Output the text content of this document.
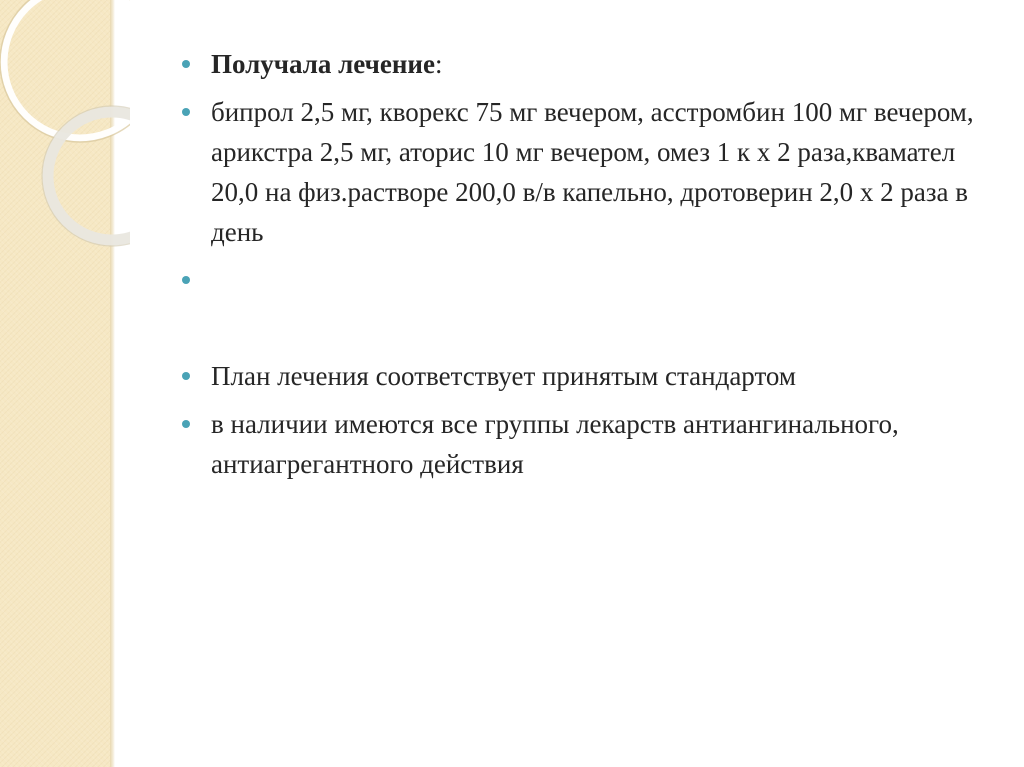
Получала лечение:
бипрол 2,5 мг, кворекс 75 мг вечером, асстромбин 100 мг вечером, арикстра 2,5 мг, аторис 10 мг вечером, омез 1 к х 2 раза,квамател 20,0 на физ.растворе 200,0 в/в капельно, дротоверин 2,0 х 2 раза в день
План лечения соответствует принятым стандартом
в наличии имеются все группы лекарств антиангинального, антиагрегантного действия
